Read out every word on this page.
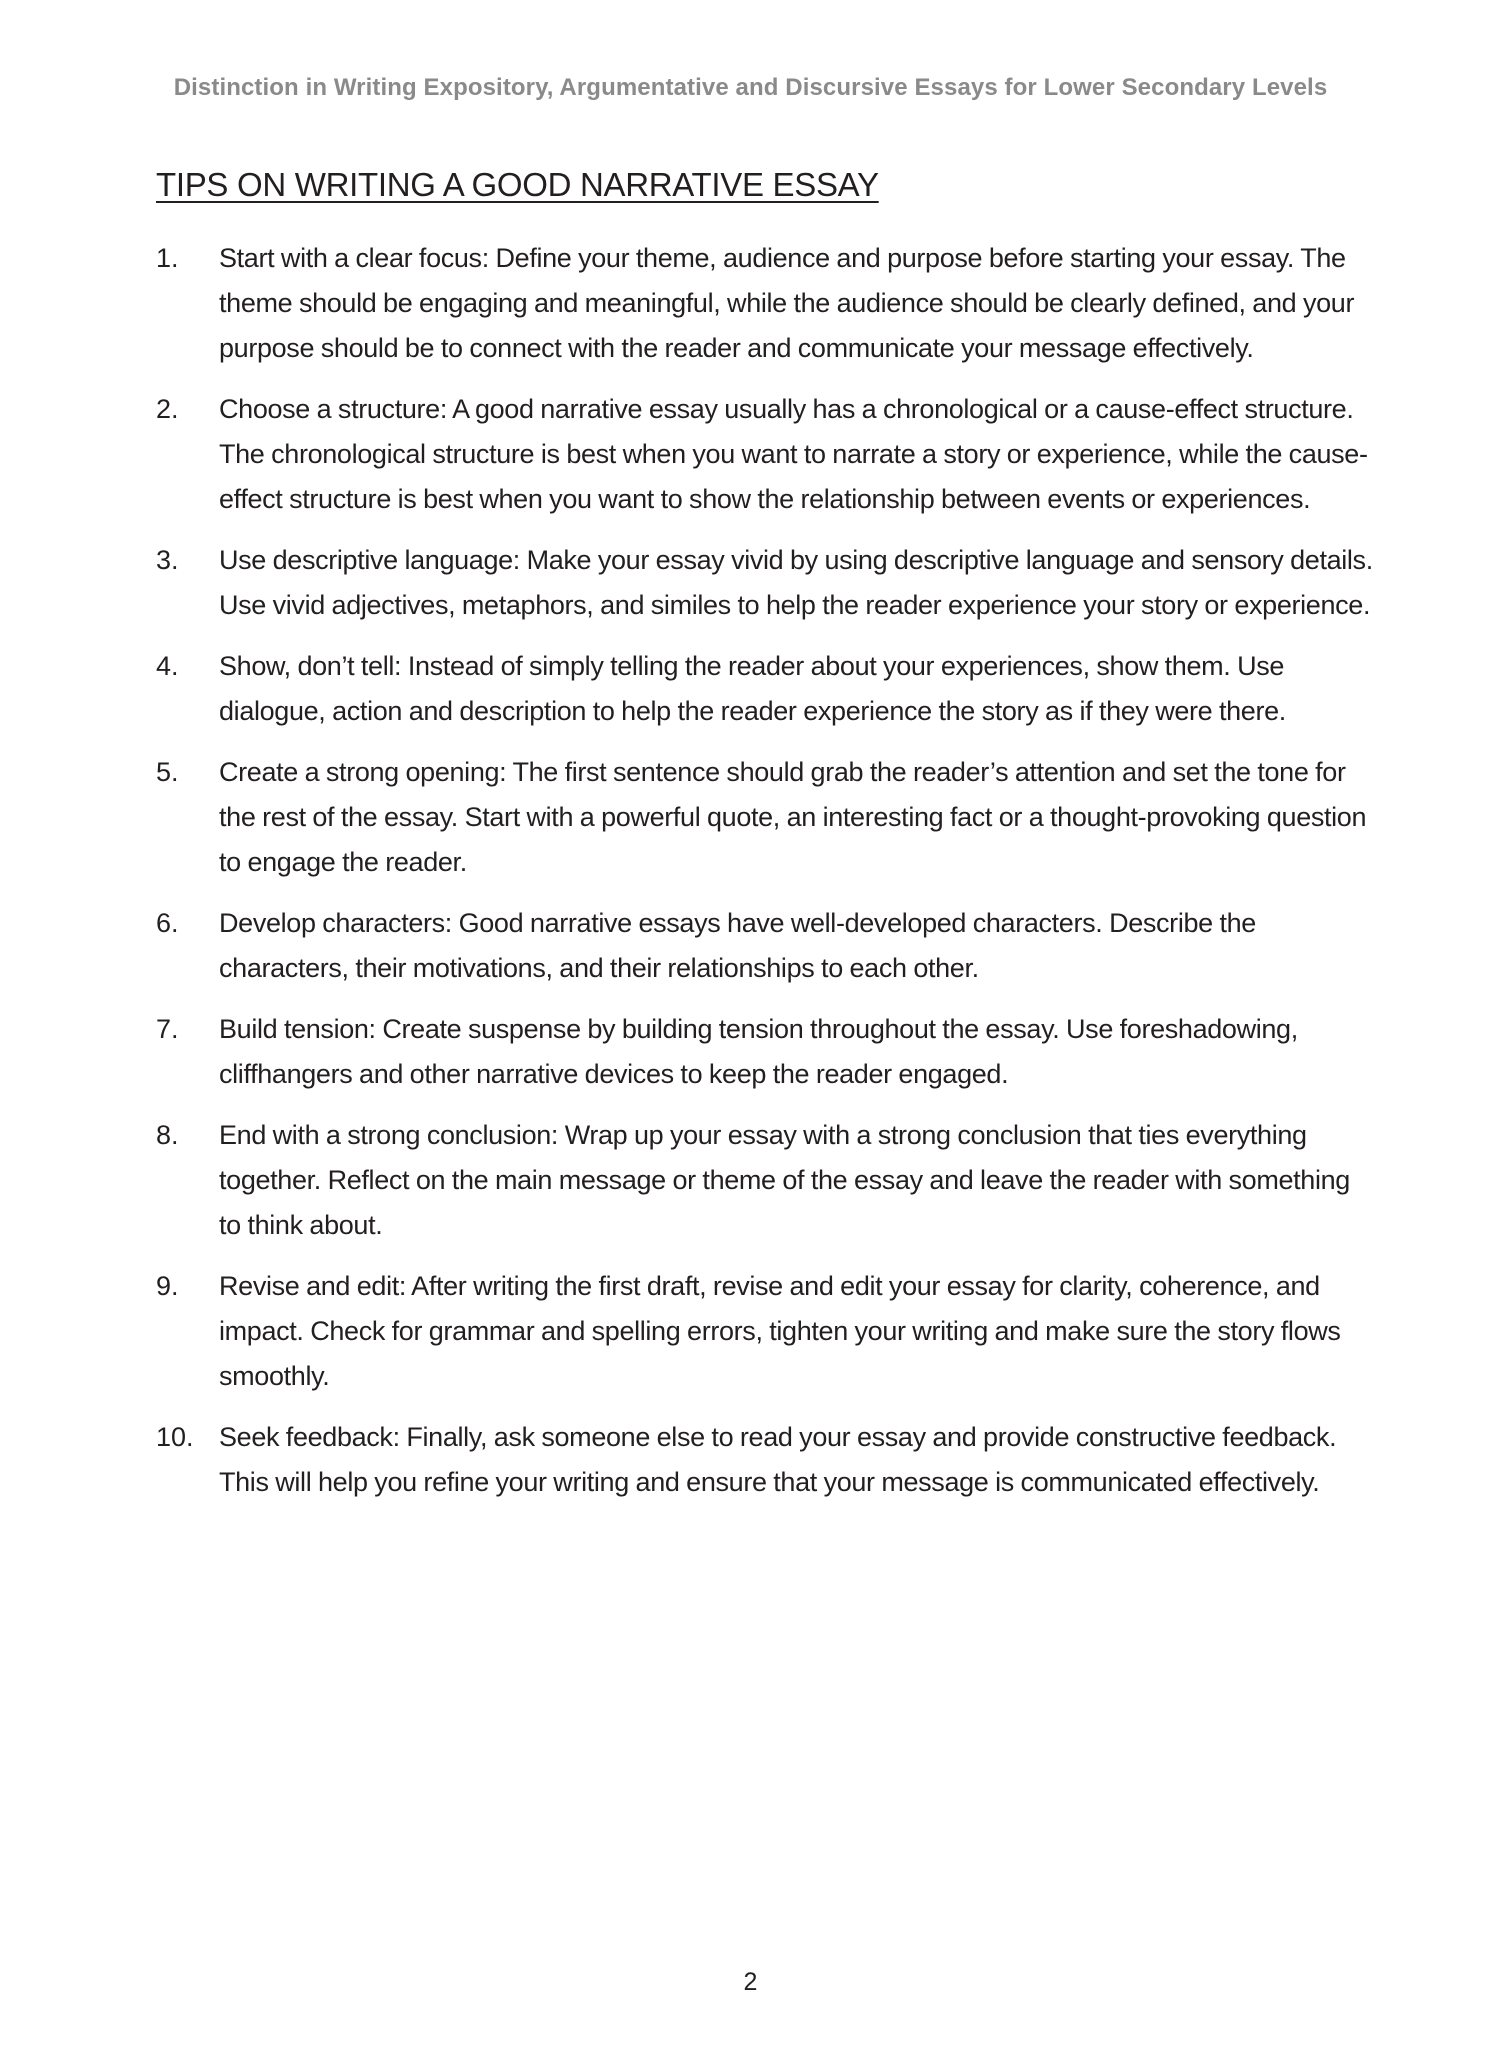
Distinction in Writing Expository, Argumentative and Discursive Essays for Lower Secondary Levels
TIPS ON WRITING A GOOD NARRATIVE ESSAY
1.	Start with a clear focus: Define your theme, audience and purpose before starting your essay. The theme should be engaging and meaningful, while the audience should be clearly defined, and your purpose should be to connect with the reader and communicate your message effectively.
2.	Choose a structure: A good narrative essay usually has a chronological or a cause-effect structure. The chronological structure is best when you want to narrate a story or experience, while the cause-effect structure is best when you want to show the relationship between events or experiences.
3.	Use descriptive language: Make your essay vivid by using descriptive language and sensory details. Use vivid adjectives, metaphors, and similes to help the reader experience your story or experience.
4.	Show, don’t tell: Instead of simply telling the reader about your experiences, show them. Use dialogue, action and description to help the reader experience the story as if they were there.
5.	Create a strong opening: The first sentence should grab the reader’s attention and set the tone for the rest of the essay. Start with a powerful quote, an interesting fact or a thought-provoking question to engage the reader.
6.	Develop characters: Good narrative essays have well-developed characters. Describe the characters, their motivations, and their relationships to each other.
7.	Build tension: Create suspense by building tension throughout the essay. Use foreshadowing, cliffhangers and other narrative devices to keep the reader engaged.
8.	End with a strong conclusion: Wrap up your essay with a strong conclusion that ties everything together. Reflect on the main message or theme of the essay and leave the reader with something to think about.
9.	Revise and edit: After writing the first draft, revise and edit your essay for clarity, coherence, and impact. Check for grammar and spelling errors, tighten your writing and make sure the story flows smoothly.
10. Seek feedback: Finally, ask someone else to read your essay and provide constructive feedback. This will help you refine your writing and ensure that your message is communicated effectively.
2
